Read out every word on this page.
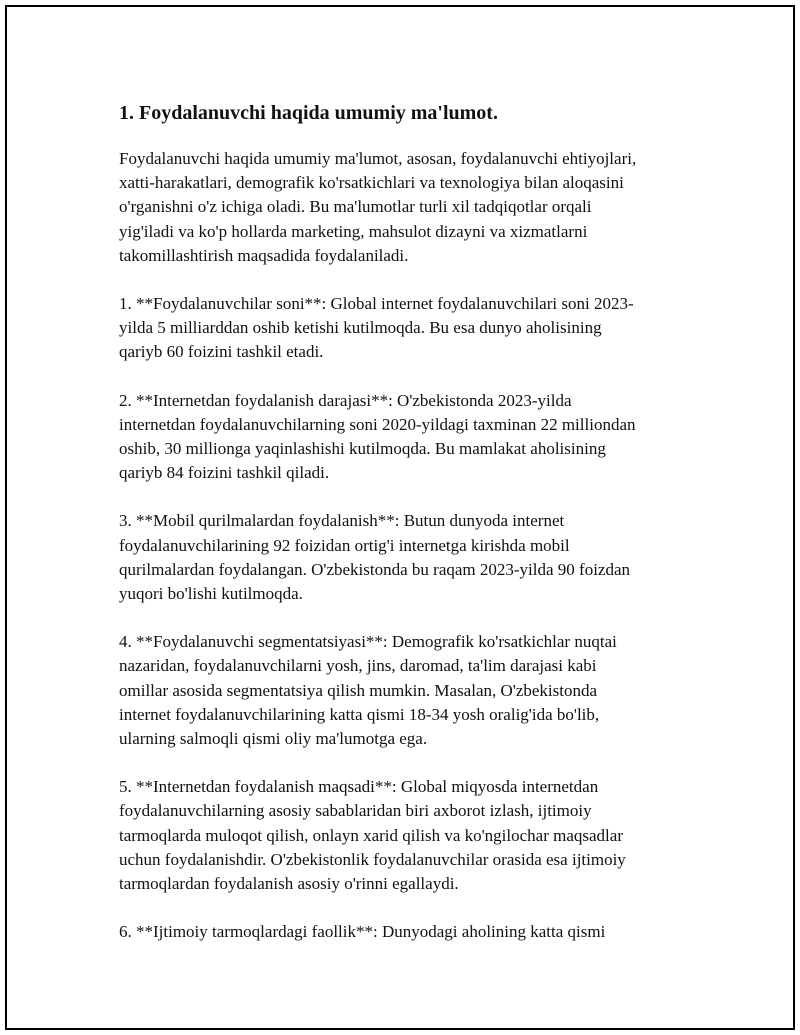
1. Foydalanuvchi haqida umumiy ma'lumot.

Foydalanuvchi haqida umumiy ma'lumot, asosan, foydalanuvchi ehtiyojlari,
xatti-harakatlari, demografik ko'rsatkichlari va texnologiya bilan aloqasini
o'rganishni o'z ichiga oladi. Bu ma'lumotlar turli xil tadqiqotlar orqali
yig'iladi va ko'p hollarda marketing, mahsulot dizayni va xizmatlarni
takomillashtirish maqsadida foydalaniladi.

1. **Foydalanuvchilar soni**: Global internet foydalanuvchilari soni 2023-
yilda 5 milliarddan oshib ketishi kutilmoqda. Bu esa dunyo aholisining
qariyb 60 foizini tashkil etadi.

2. **Internetdan foydalanish darajasi**: O'zbekistonda 2023-yilda
internetdan foydalanuvchilarning soni 2020-yildagi taxminan 22 milliondan
oshib, 30 millionga yaqinlashishi kutilmoqda. Bu mamlakat aholisining
qariyb 84 foizini tashkil qiladi.

3. **Mobil qurilmalardan foydalanish**: Butun dunyoda internet
foydalanuvchilarining 92 foizidan ortig'i internetga kirishda mobil
qurilmalardan foydalangan. O'zbekistonda bu raqam 2023-yilda 90 foizdan
yuqori bo'lishi kutilmoqda.

4. **Foydalanuvchi segmentatsiyasi**: Demografik ko'rsatkichlar nuqtai
nazaridan, foydalanuvchilarni yosh, jins, daromad, ta'lim darajasi kabi
omillar asosida segmentatsiya qilish mumkin. Masalan, O'zbekistonda
internet foydalanuvchilarining katta qismi 18-34 yosh oralig'ida bo'lib,
ularning salmoqli qismi oliy ma'lumotga ega.

5. **Internetdan foydalanish maqsadi**: Global miqyosda internetdan
foydalanuvchilarning asosiy sabablaridan biri axborot izlash, ijtimoiy
tarmoqlarda muloqot qilish, onlayn xarid qilish va ko'ngilochar maqsadlar
uchun foydalanishdir. O'zbekistonlik foydalanuvchilar orasida esa ijtimoiy
tarmoqlardan foydalanish asosiy o'rinni egallaydi.

6. **Ijtimoiy tarmoqlardagi faollik**: Dunyodagi aholining katta qismi
